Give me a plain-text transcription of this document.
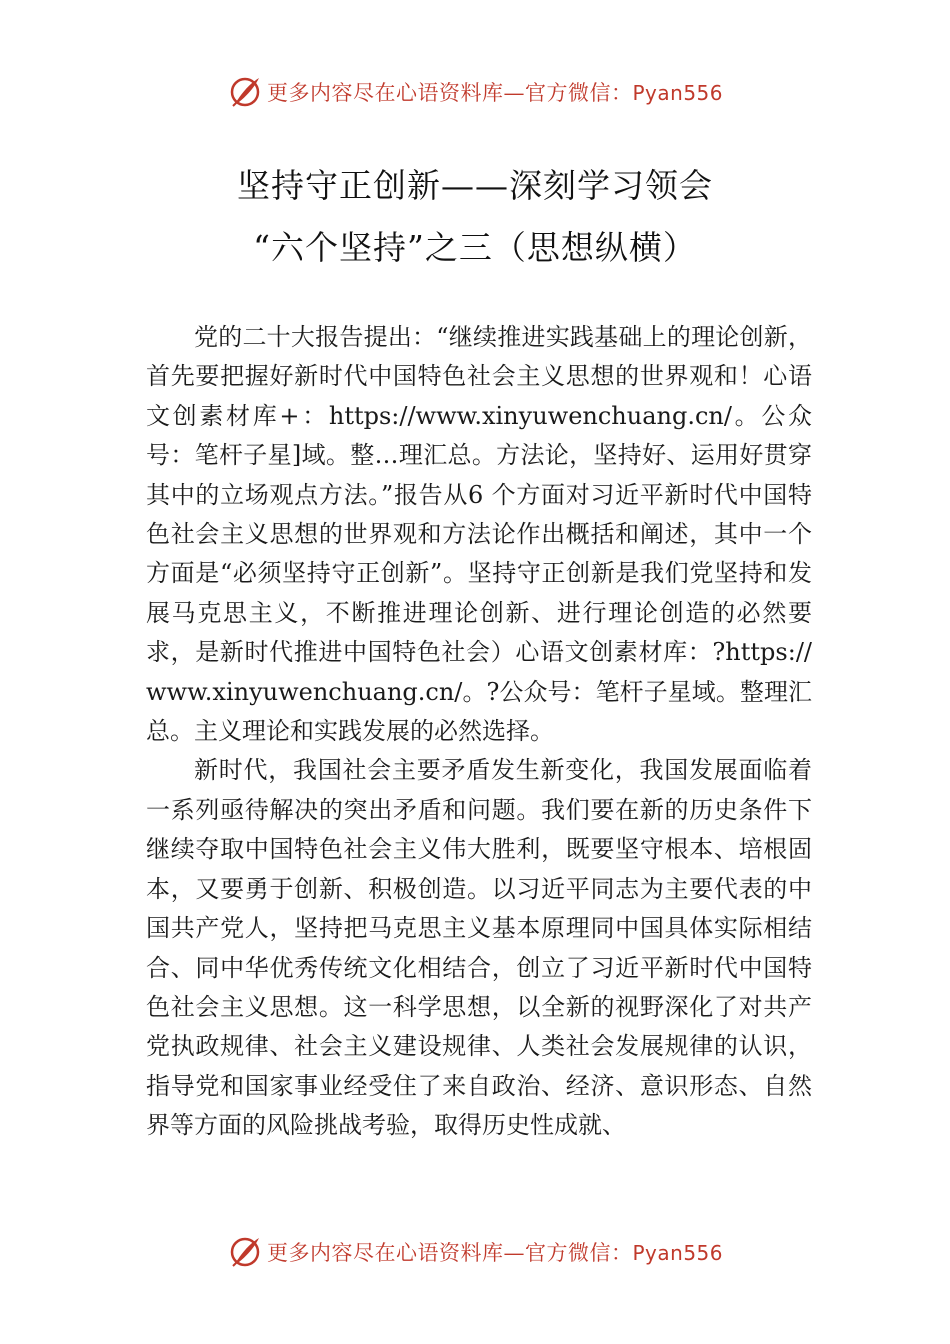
更多内容尽在心语资料库—官方微信：Pyan556
坚持守正创新——深刻学习领会
“六个坚持”之三（思想纵横）

党的二十大报告提出：“继续推进实践基础上的理论创新，首先要把握好新时代中国特色社会主义思想的世界观和！心语文创素材库+：https://www.xinyuwenchuang.cn/。公众号：笔杆子星]域。整…理汇总。方法论，坚持好、运用好贯穿其中的立场观点方法。”报告从6 个方面对习近平新时代中国特色社会主义思想的世界观和方法论作出概括和阐述，其中一个方面是“必须坚持守正创新”。坚持守正创新是我们党坚持和发展马克思主义，不断推进理论创新、进行理论创造的必然要求，是新时代推进中国特色社会）心语文创素材库：?https://www.xinyuwenchuang.cn/。?公众号：笔杆子星域。整理汇总。主义理论和实践发展的必然选择。

新时代，我国社会主要矛盾发生新变化，我国发展面临着一系列亟待解决的突出矛盾和问题。我们要在新的历史条件下继续夺取中国特色社会主义伟大胜利，既要坚守根本、培根固本，又要勇于创新、积极创造。以习近平同志为主要代表的中国共产党人，坚持把马克思主义基本原理同中国具体实际相结合、同中华优秀传统文化相结合，创立了习近平新时代中国特色社会主义思想。这一科学思想，以全新的视野深化了对共产党执政规律、社会主义建设规律、人类社会发展规律的认识，指导党和国家事业经受住了来自政治、经济、意识形态、自然界等方面的风险挑战考验，取得历史性成就、

更多内容尽在心语资料库—官方微信：Pyan556
